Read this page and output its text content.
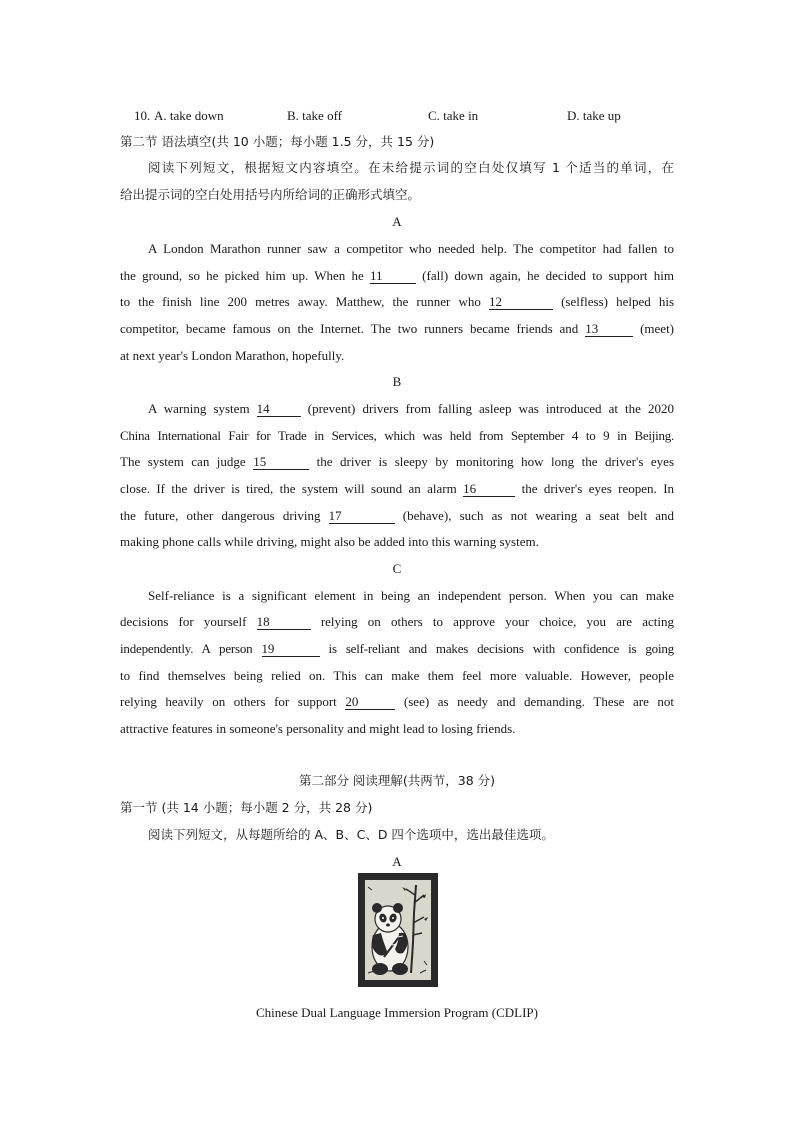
10. A. take down	B. take off	C. take in	D. take up
第二节 语法填空(共 10 小题；每小题 1.5 分，共 15 分)
阅读下列短文，根据短文内容填空。在未给提示词的空白处仅填写 1 个适当的单词，在
给出提示词的空白处用括号内所给词的正确形式填空。
A
A London Marathon runner saw a competitor who needed help. The competitor had fallen to
the ground, so he picked him up. When he 11	(fall) down again, he decided to support him
to the finish line 200 metres away. Matthew, the runner who 12	(selfless) helped his
competitor, became famous on the Internet. The two runners became friends and 13	(meet)
at next year's London Marathon, hopefully.
B
A warning system 14	(prevent) drivers from falling asleep was introduced at the 2020
China International Fair for Trade in Services, which was held from September 4 to 9 in Beijing.
The system can judge 15	the driver is sleepy by monitoring how long the driver's eyes
close. If the driver is tired, the system will sound an alarm 16	the driver's eyes reopen. In
the future, other dangerous driving 17	(behave), such as not wearing a seat belt and
making phone calls while driving, might also be added into this warning system.
C
Self-reliance is a significant element in being an independent person. When you can make
decisions for yourself 18	relying on others to approve your choice, you are acting
independently. A person 19	is self-reliant and makes decisions with confidence is going
to find themselves being relied on. This can make them feel more valuable. However, people
relying heavily on others for support 20	(see) as needy and demanding. These are not
attractive features in someone's personality and might lead to losing friends.
第二部分 阅读理解(共两节，38 分)
第一节 (共 14 小题；每小题 2 分，共 28 分)
阅读下列短文，从每题所给的 A、B、C、D 四个选项中，选出最佳选项。
A
Chinese Dual Language Immersion Program (CDLIP)
